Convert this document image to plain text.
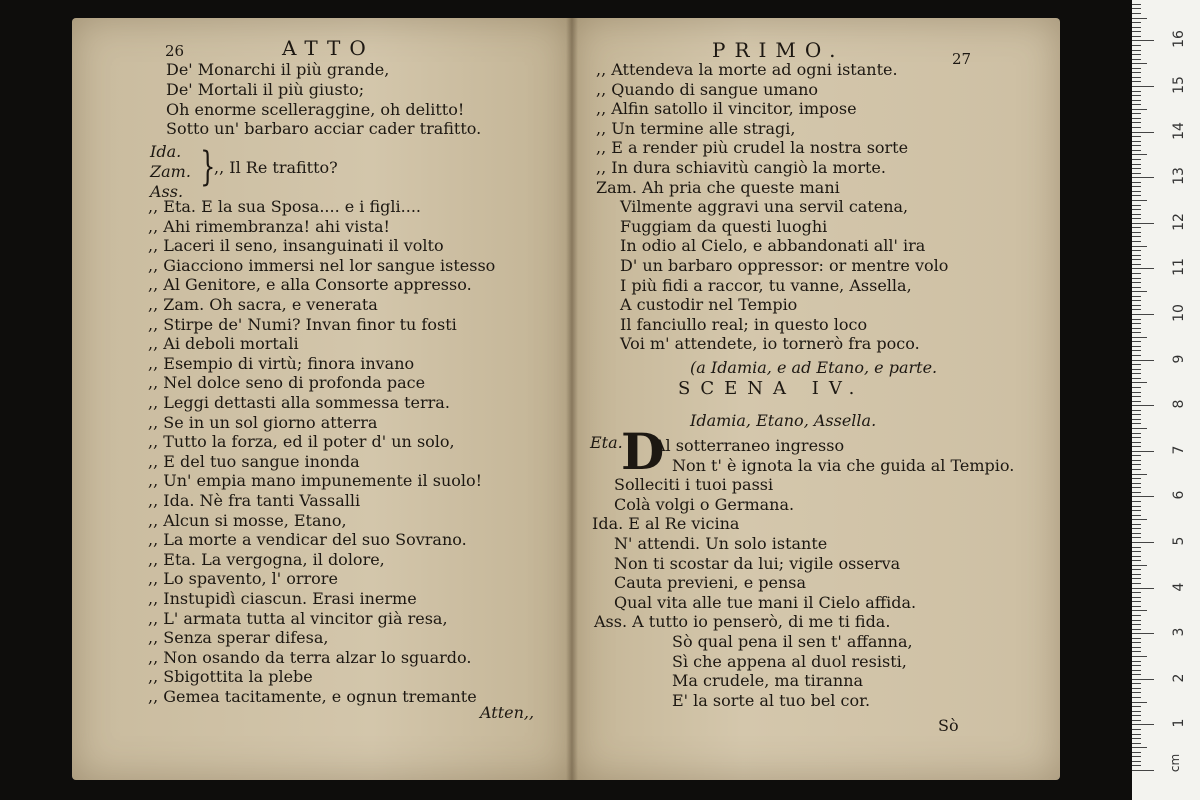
26	ATTO
De' Monarchi il più grande,
De' Mortali il più giusto;
Oh enorme scelleraggine, oh delitto!
Sotto un' barbaro acciar cader trafitto.
Ida.
Zam.
Ass.
}
,, Il Re trafitto?
,, Eta. E la sua Sposa.... e i figli....
,, Ahi rimembranza! ahi vista!
,, Laceri il seno, insanguinati il volto
,, Giacciono immersi nel lor sangue istesso
,, Al Genitore, e alla Consorte appresso.
,, Zam. Oh sacra, e venerata
,, Stirpe de' Numi? Invan finor tu fosti
,, Ai deboli mortali
,, Esempio di virtù; finora invano
,, Nel dolce seno di profonda pace
,, Leggi dettasti alla sommessa terra.
,, Se in un sol giorno atterra
,, Tutto la forza, ed il poter d' un solo,
,, E del tuo sangue inonda
,, Un' empia mano impunemente il suolo!
,, Ida. Nè fra tanti Vassalli
,, Alcun si mosse, Etano,
,, La morte a vendicar del suo Sovrano.
,, Eta. La vergogna, il dolore,
,, Lo spavento, l' orrore
,, Instupidì ciascun. Erasi inerme
,, L' armata tutta al vincitor già resa,
,, Senza sperar difesa,
,, Non osando da terra alzar lo sguardo.
,, Sbigottita la plebe
,, Gemea tacitamente, e ognun tremante
Atten,,
PRIMO.	27
,, Attendeva la morte ad ogni istante.
,, Quando di sangue umano
,, Alfin satollo il vincitor, impose
,, Un termine alle stragi,
,, E a render più crudel la nostra sorte
,, In dura schiavitù cangiò la morte.
Zam. Ah pria che queste mani
Vilmente aggravi una servil catena,
Fuggiam da questi luoghi
In odio al Cielo, e abbandonati all' ira
D' un barbaro oppressor: or mentre volo
I più fidi a raccor, tu vanne, Assella,
A custodir nel Tempio
Il fanciullo real; in questo loco
Voi m' attendete, io tornerò fra poco.
(a Idamia, e ad Etano, e parte.
SCENA IV.
Idamia, Etano, Assella.
Eta.
D
Al sotterraneo ingresso
Non t' è ignota la via che guida al Tempio.
Solleciti i tuoi passi
Colà volgi o Germana.
Ida. E al Re vicina
N' attendi. Un solo istante
Non ti scostar da lui; vigile osserva
Cauta previeni, e pensa
Qual vita alle tue mani il Cielo affida.
Ass. A tutto io penserò, di me ti fida.
Sò qual pena il sen t' affanna,
Sì che appena al duol resisti,
Ma crudele, ma tiranna
E' la sorte al tuo bel cor.
Sò
cm
1
2
3
4
5
6
7
8
9
10
11
12
13
14
15
16
